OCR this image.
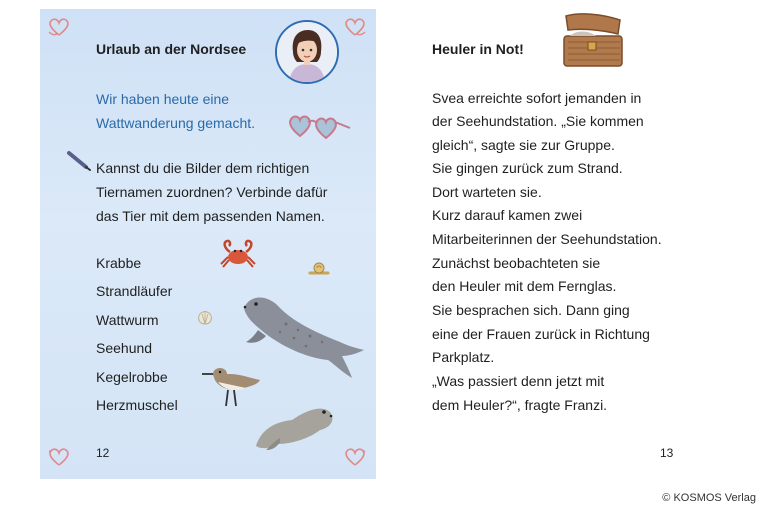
Urlaub an der Nordsee
Wir haben heute eine
Wattwanderung gemacht.
Kannst du die Bilder dem richtigen
Tiernamen zuordnen? Verbinde dafür
das Tier mit dem passenden Namen.
Krabbe
Strandläufer
Wattwurm
Seehund
Kegelrobbe
Herzmuschel
12
Heuler in Not!
Svea erreichte sofort jemanden in
der Seehundstation. „Sie kommen
gleich“, sagte sie zur Gruppe.
Sie gingen zurück zum Strand.
Dort warteten sie.
Kurz darauf kamen zwei
Mitarbeiterinnen der Seehundstation.
Zunächst beobachteten sie
den Heuler mit dem Fernglas.
Sie besprachen sich. Dann ging
eine der Frauen zurück in Richtung
Parkplatz.
„Was passiert denn jetzt mit
dem Heuler?“, fragte Franzi.
13
© KOSMOS Verlag
